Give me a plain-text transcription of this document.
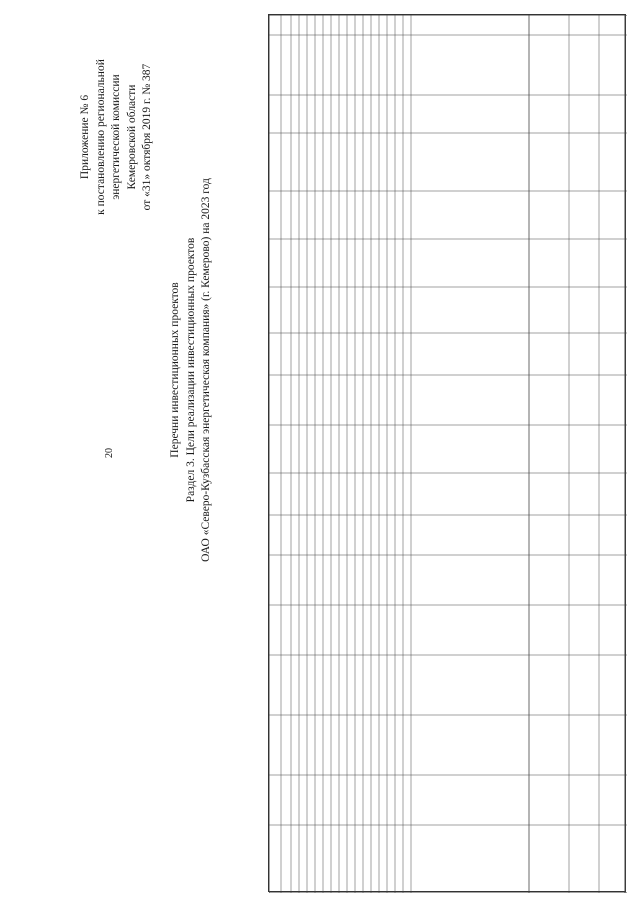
20
Приложение № 6 к постановлению региональной энергетической комиссии Кемеровской области от «31» октября 2019 г. № 387
Перечни инвестиционных проектов Раздел 3. Цели реализации инвестиционных проектов ОАО «Северо-Кузбасская энергетическая компания» (г. Кемерово) на 2023 год
